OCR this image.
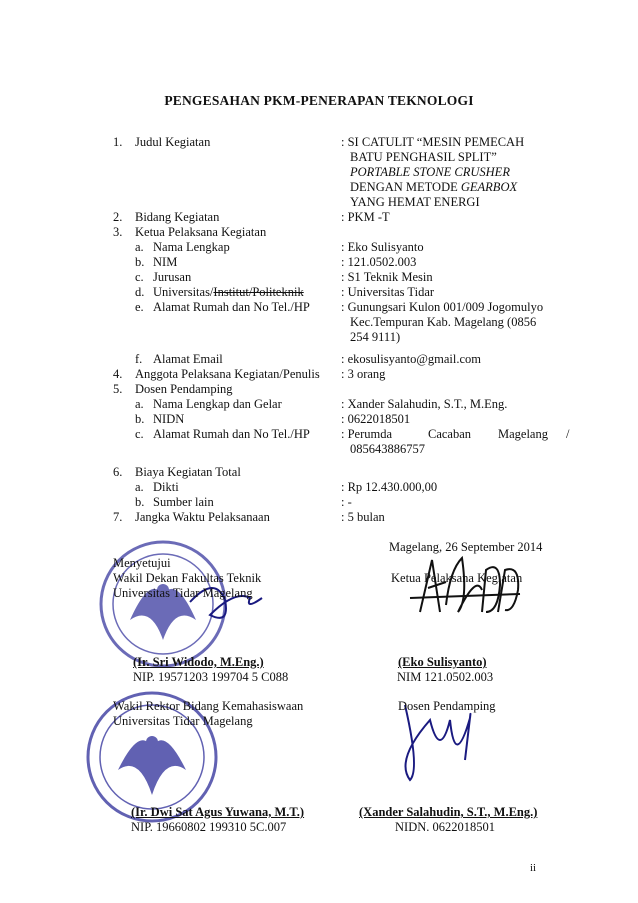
PENGESAHAN PKM-PENERAPAN TEKNOLOGI
1. Judul Kegiatan	: SI CATULIT “MESIN PEMECAH
BATU PENGHASIL SPLIT”
PORTABLE STONE CRUSHER
DENGAN METODE GEARBOX
YANG HEMAT ENERGI
2. Bidang Kegiatan	: PKM -T
3. Ketua Pelaksana Kegiatan
a. Nama Lengkap	: Eko Sulisyanto
b. NIM	: 121.0502.003
c. Jurusan	: S1 Teknik Mesin
d. Universitas/Institut/Politeknik	: Universitas Tidar
e. Alamat Rumah dan No Tel./HP : Gunungsari Kulon 001/009 Jogomulyo
Kec.Tempuran Kab. Magelang (0856
254 9111)
f. Alamat Email	: ekosulisyanto@gmail.com
4. Anggota Pelaksana Kegiatan/Penulis : 3 orang
5. Dosen Pendamping
a. Nama Lengkap dan Gelar	: Xander Salahudin, S.T., M.Eng.
b. NIDN	: 0622018501
c. Alamat Rumah dan No Tel./HP : Perumda	Cacaban Magelang /
085643886757
6. Biaya Kegiatan Total
a. Dikti	: Rp 12.430.000,00
b. Sumber lain	: -
7. Jangka Waktu Pelaksanaan	: 5 bulan
Magelang, 26 September 2014
Menyetujui
Wakil Dekan Fakultas Teknik
Universitas Tidar Magelang
Ketua Pelaksana Kegiatan
(Ir. Sri Widodo, M.Eng.)
NIP. 19571203 199704 5 C088
(Eko Sulisyanto)
NIM 121.0502.003
Wakil Rektor Bidang Kemahasiswaan
Universitas Tidar Magelang
Dosen Pendamping
(Ir. Dwi Sat Agus Yuwana, M.T.)
NIP. 19660802 199310 5C.007
(Xander Salahudin, S.T., M.Eng.)
NIDN. 0622018501
ii
